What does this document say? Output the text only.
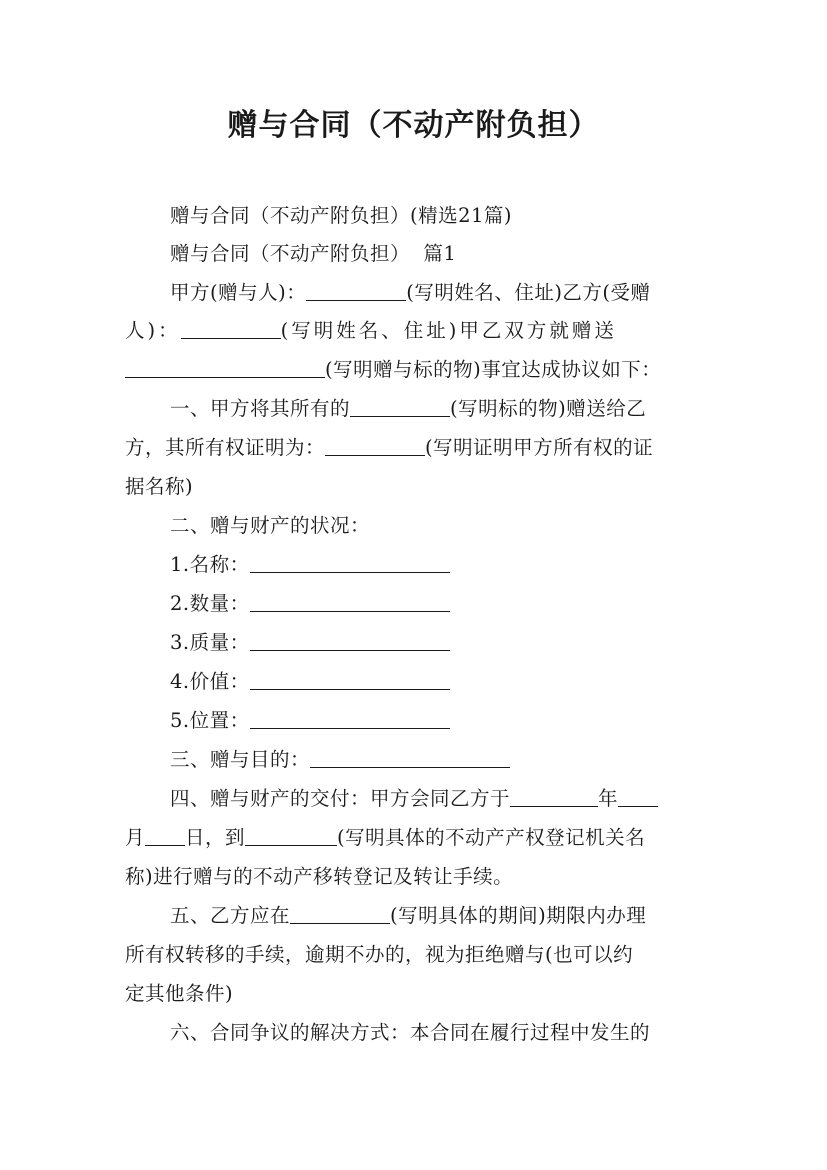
赠与合同（不动产附负担）
赠与合同（不动产附负担）(精选21篇)
赠与合同（不动产附负担）  篇1
甲方(赠与人)：	(写明姓名、住址)乙方(受赠
人)：	(写明姓名、住址)甲乙双方就赠送
(写明赠与标的物)事宜达成协议如下：
一、甲方将其所有的	(写明标的物)赠送给乙
方，其所有权证明为：	(写明证明甲方所有权的证
据名称)
二、赠与财产的状况：
1.名称：
2.数量：
3.质量：
4.价值：
5.位置：
三、赠与目的：
四、赠与财产的交付：甲方会同乙方于	年
月 日，到	(写明具体的不动产产权登记机关名
称)进行赠与的不动产移转登记及转让手续。
五、乙方应在	(写明具体的期间)期限内办理
所有权转移的手续，逾期不办的，视为拒绝赠与(也可以约
定其他条件)
六、合同争议的解决方式：本合同在履行过程中发生的
